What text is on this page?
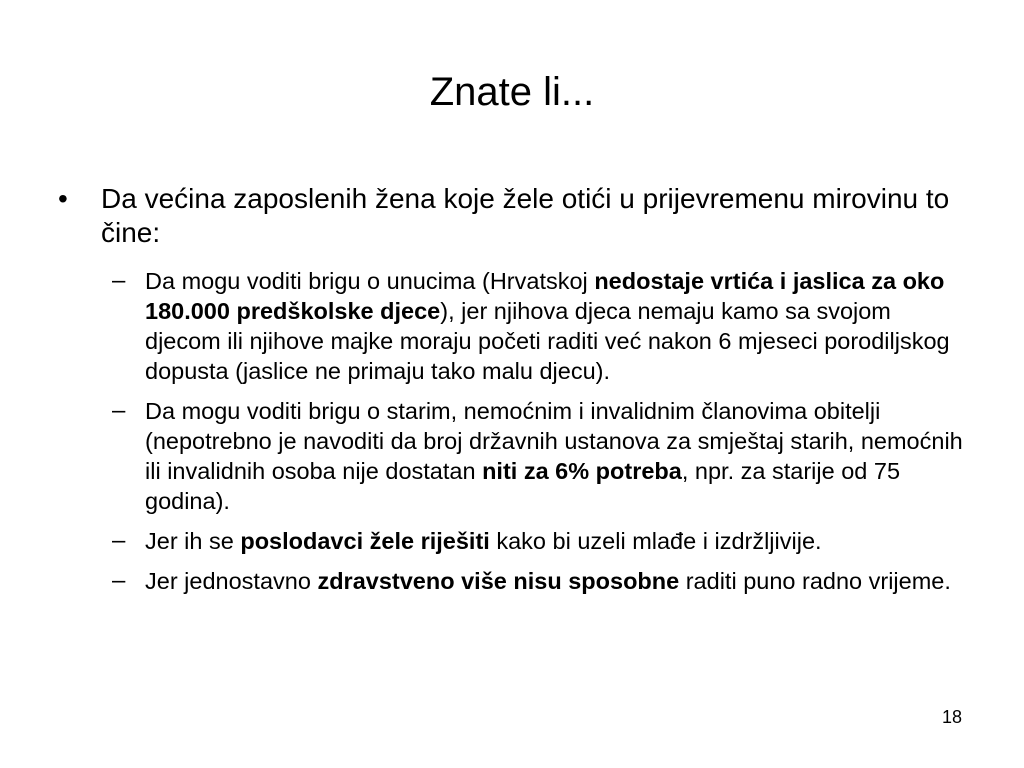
Znate li...
• Da većina zaposlenih žena koje žele otići u prijevremenu mirovinu to čine:
– Da mogu voditi brigu o unucima (Hrvatskoj nedostaje vrtića i jaslica za oko 180.000 predškolske djece), jer njihova djeca nemaju kamo sa svojom djecom ili njihove majke moraju početi raditi već nakon 6 mjeseci porodiljskog dopusta (jaslice ne primaju tako malu djecu).
– Da mogu voditi brigu o starim, nemoćnim i invalidnim članovima obitelji (nepotrebno je navoditi da broj državnih ustanova za smještaj starih, nemoćnih ili invalidnih osoba nije dostatan niti za 6% potreba, npr. za starije od 75 godina).
– Jer ih se poslodavci žele riješiti kako bi uzeli mlađe i izdržljivije.
– Jer jednostavno zdravstveno više nisu sposobne raditi puno radno vrijeme.
18
